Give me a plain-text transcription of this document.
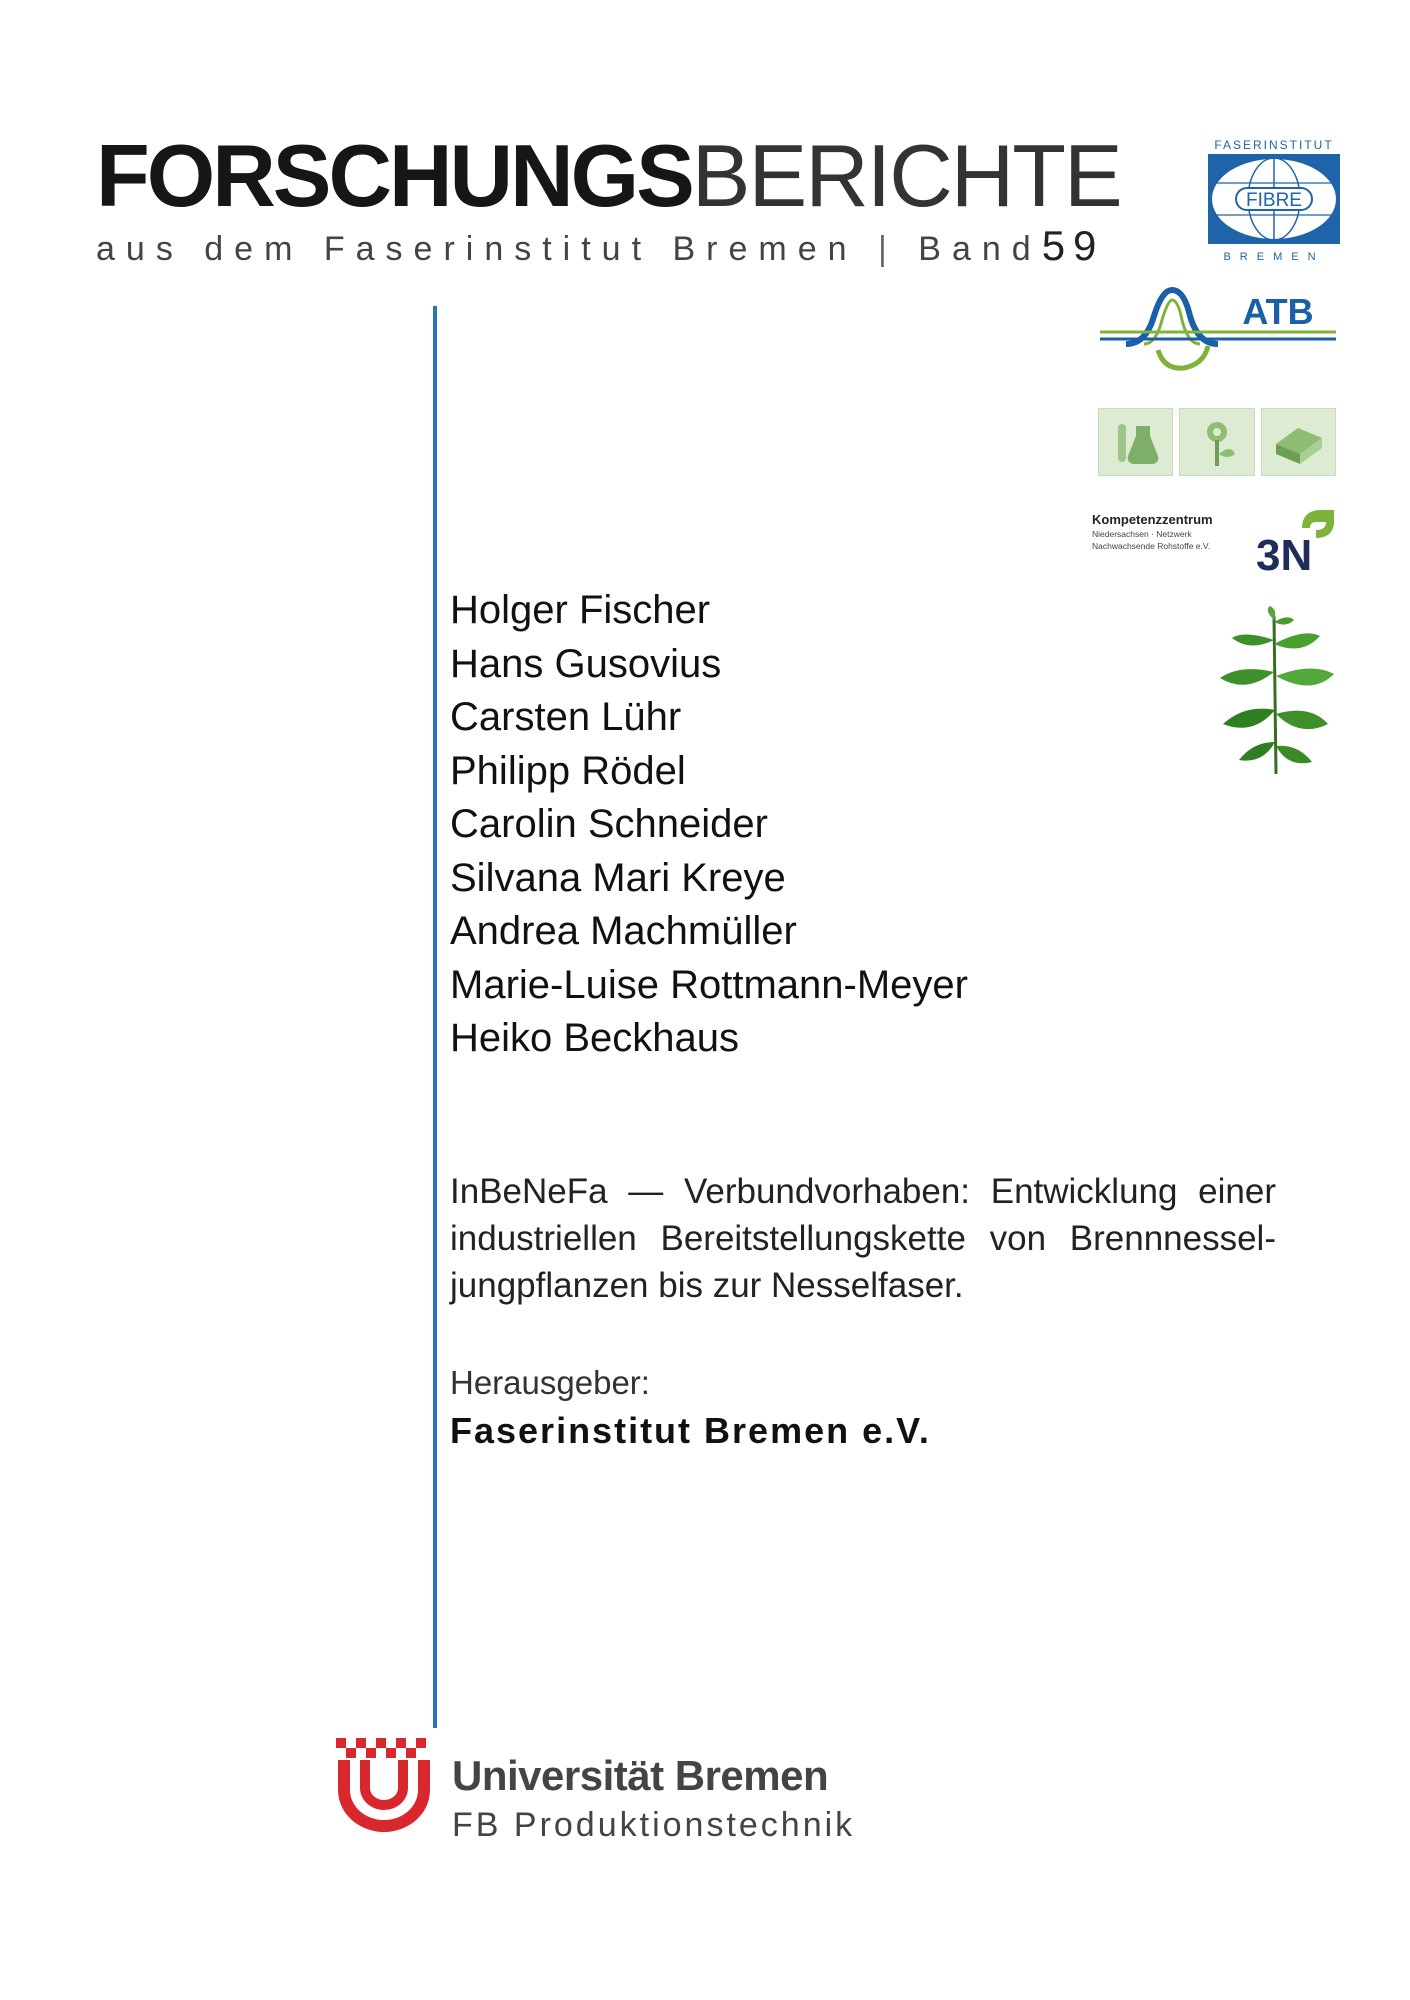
FORSCHUNGSBERICHTE
aus dem Faserinstitut Bremen | Band59
FASERINSTITUT
FIBRE
BREMEN
ATB
Kompetenzzentrum
Niedersachsen · Netzwerk
Nachwachsende Rohstoffe e.V.	3N
Holger Fischer
Hans Gusovius
Carsten Lühr
Philipp Rödel
Carolin Schneider
Silvana Mari Kreye
Andrea Machmüller
Marie-Luise Rottmann-Meyer
Heiko Beckhaus
InBeNeFa — Verbundvorhaben: Entwicklung einer industriellen Bereitstellungskette von Brennnessel-jungpflanzen bis zur Nesselfaser.
Herausgeber:
Faserinstitut Bremen e.V.
Universität Bremen
FB Produktionstechnik
